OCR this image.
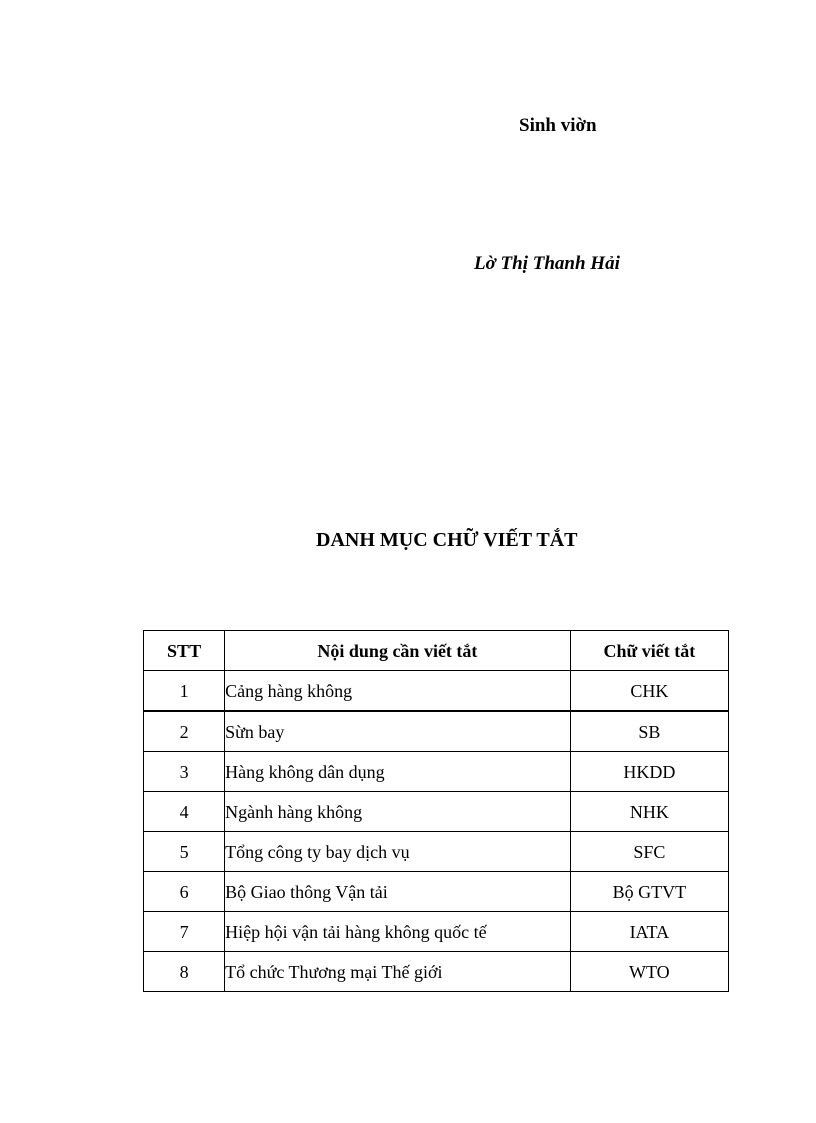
Sinh viờn
Lờ Thị Thanh Hải
DANH MỤC CHỮ VIẾT TẮT
STT	Nội dung cần viết tắt	Chữ viết tắt
1	Cảng hàng không	CHK
2	Sừn bay	SB
3	Hàng không dân dụng	HKDD
4	Ngành hàng không	NHK
5	Tổng công ty bay dịch vụ	SFC
6	Bộ Giao thông Vận tải	Bộ GTVT
7	Hiệp hội vận tải hàng không quốc tế	IATA
8	Tổ chức Thương mại Thế giới	WTO
